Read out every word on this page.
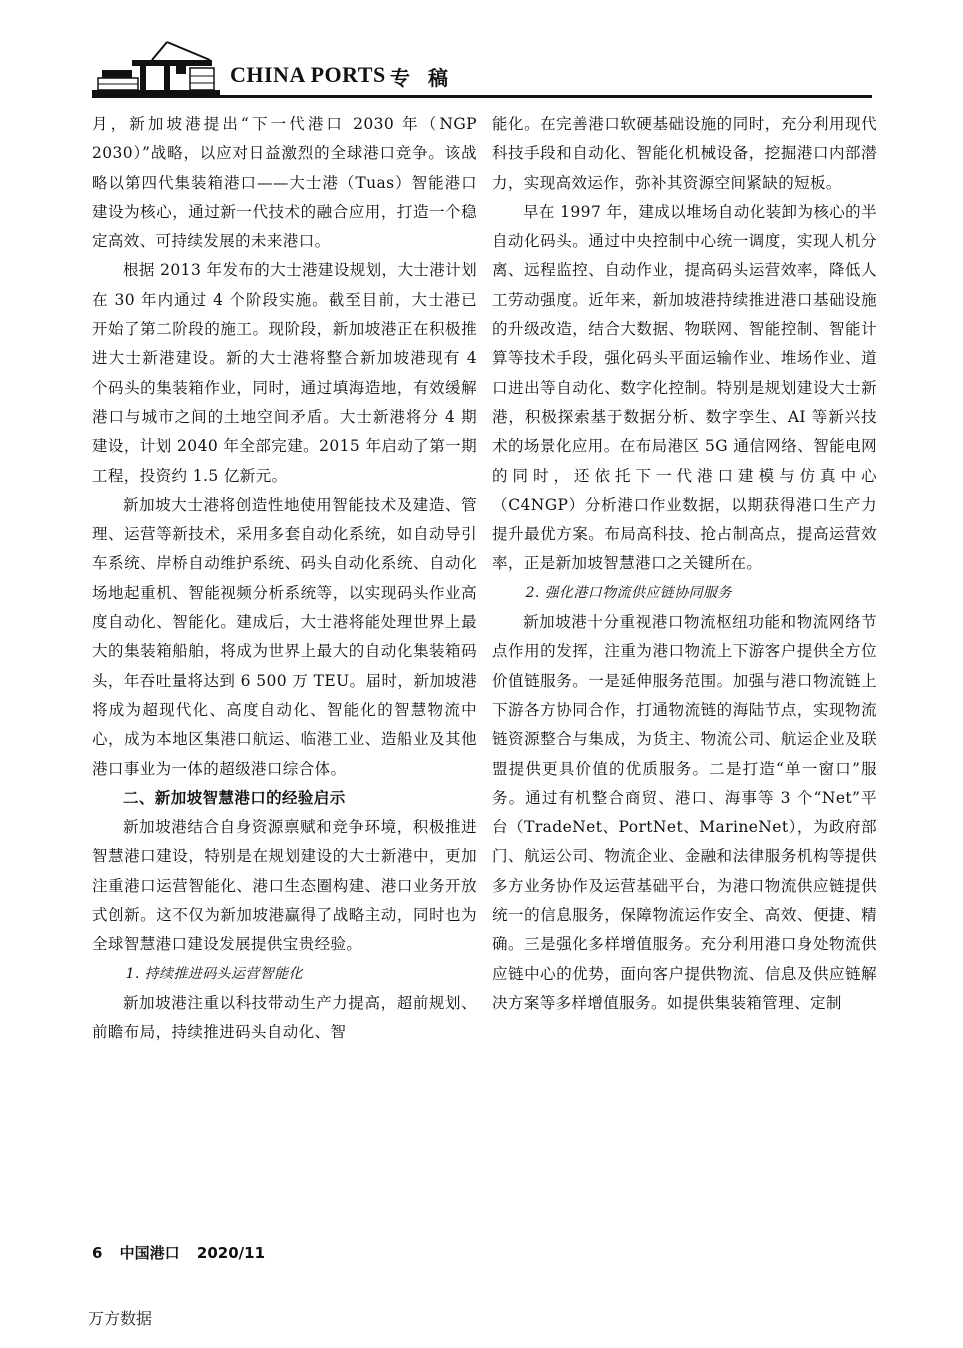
CHINA PORTS 专稿

月，新加坡港提出“下一代港口 2030 年（NGP 2030）”战略，以应对日益激烈的全球港口竞争。该战略以第四代集装箱港口——大士港（Tuas）智能港口建设为核心，通过新一代技术的融合应用，打造一个稳定高效、可持续发展的未来港口。

根据 2013 年发布的大士港建设规划，大士港计划在 30 年内通过 4 个阶段实施。截至目前，大士港已开始了第二阶段的施工。现阶段，新加坡港正在积极推进大士新港建设。新的大士港将整合新加坡港现有 4 个码头的集装箱作业，同时，通过填海造地，有效缓解港口与城市之间的土地空间矛盾。大士新港将分 4 期建设，计划 2040 年全部完建。2015 年启动了第一期工程，投资约 1.5 亿新元。

新加坡大士港将创造性地使用智能技术及建造、管理、运营等新技术，采用多套自动化系统，如自动导引车系统、岸桥自动维护系统、码头自动化系统、自动化场地起重机、智能视频分析系统等，以实现码头作业高度自动化、智能化。建成后，大士港将能处理世界上最大的集装箱船舶，将成为世界上最大的自动化集装箱码头，年吞吐量将达到 6 500 万 TEU。届时，新加坡港将成为超现代化、高度自动化、智能化的智慧物流中心，成为本地区集港口航运、临港工业、造船业及其他港口事业为一体的超级港口综合体。

二、新加坡智慧港口的经验启示

新加坡港结合自身资源禀赋和竞争环境，积极推进智慧港口建设，特别是在规划建设的大士新港中，更加注重港口运营智能化、港口生态圈构建、港口业务开放式创新。这不仅为新加坡港赢得了战略主动，同时也为全球智慧港口建设发展提供宝贵经验。

1. 持续推进码头运营智能化

新加坡港注重以科技带动生产力提高，超前规划、前瞻布局，持续推进码头自动化、智

能化。在完善港口软硬基础设施的同时，充分利用现代科技手段和自动化、智能化机械设备，挖掘港口内部潜力，实现高效运作，弥补其资源空间紧缺的短板。

早在 1997 年，建成以堆场自动化装卸为核心的半自动化码头。通过中央控制中心统一调度，实现人机分离、远程监控、自动作业，提高码头运营效率，降低人工劳动强度。近年来，新加坡港持续推进港口基础设施的升级改造，结合大数据、物联网、智能控制、智能计算等技术手段，强化码头平面运输作业、堆场作业、道口进出等自动化、数字化控制。特别是规划建设大士新港，积极探索基于数据分析、数字孪生、AI 等新兴技术的场景化应用。在布局港区 5G 通信网络、智能电网的同时，还依托下一代港口建模与仿真中心（C4NGP）分析港口作业数据，以期获得港口生产力提升最优方案。布局高科技、抢占制高点，提高运营效率，正是新加坡智慧港口之关键所在。

2. 强化港口物流供应链协同服务

新加坡港十分重视港口物流枢纽功能和物流网络节点作用的发挥，注重为港口物流上下游客户提供全方位价值链服务。一是延伸服务范围。加强与港口物流链上下游各方协同合作，打通物流链的海陆节点，实现物流链资源整合与集成，为货主、物流公司、航运企业及联盟提供更具价值的优质服务。二是打造“单一窗口”服务。通过有机整合商贸、港口、海事等 3 个“Net”平台（TradeNet、PortNet、MarineNet），为政府部门、航运公司、物流企业、金融和法律服务机构等提供多方业务协作及运营基础平台，为港口物流供应链提供统一的信息服务，保障物流运作安全、高效、便捷、精确。三是强化多样增值服务。充分利用港口身处物流供应链中心的优势，面向客户提供物流、信息及供应链解决方案等多样增值服务。如提供集装箱管理、定制

6 中国港口 2020/11
万方数据
